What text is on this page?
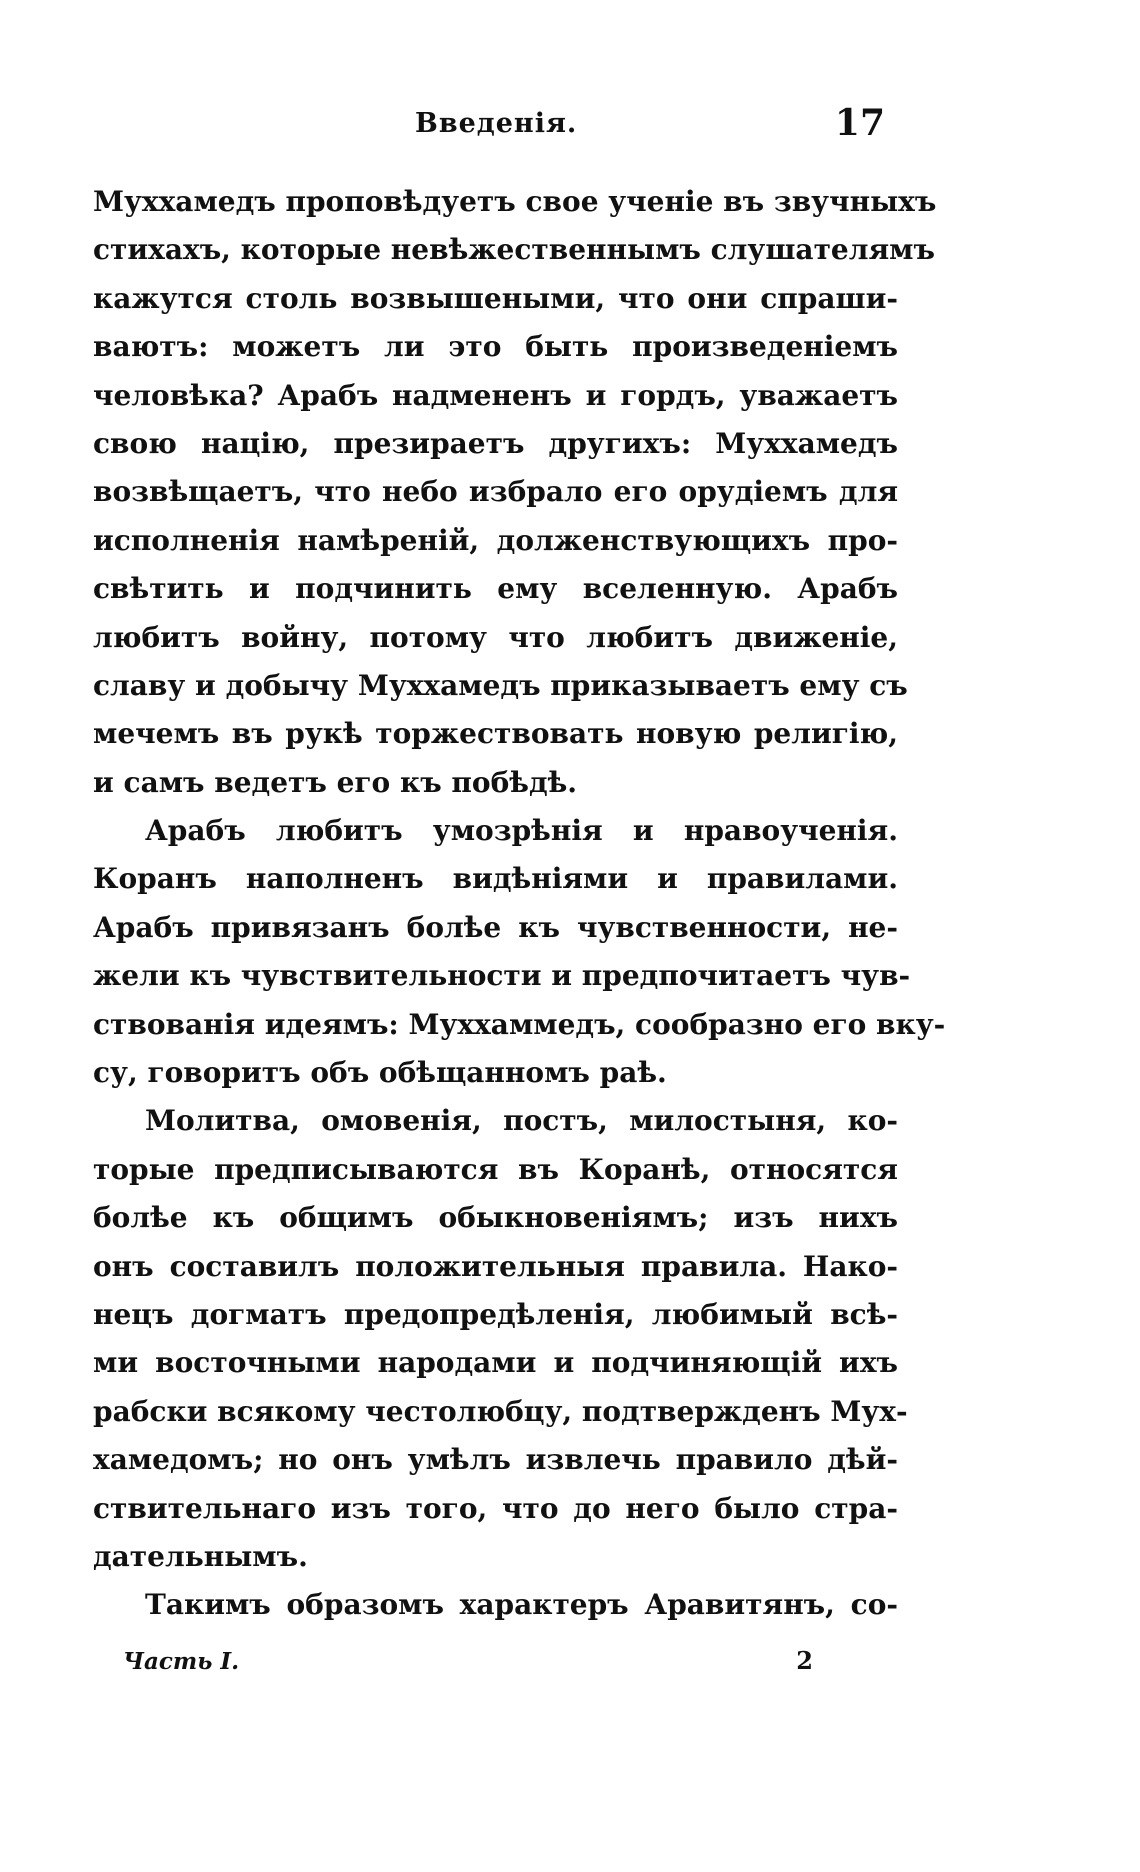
Введенiя.	17
Муххамедъ проповѣдуетъ свое ученiе въ звучныхъ
стихахъ, которые невѣжественнымъ слушателямъ
кажутся столь возвышеными, что они спраши-
ваютъ: можетъ ли это быть произведенiемъ
человѣка? Арабъ надмененъ и гордъ, уважаетъ
свою нацiю, презираетъ другихъ: Муххамедъ
возвѣщаетъ, что небо избрало его орудiемъ для
исполненiя намѣренiй, долженствующихъ про-
свѣтить и подчинить ему вселенную. Арабъ
любитъ войну, потому что любитъ движенiе,
славу и добычу Муххамедъ приказываетъ ему съ
мечемъ въ рукѣ торжествовать новую религiю,
и самъ ведетъ его къ побѣдѣ.
Арабъ любитъ умозрѣнiя и нравоученiя.
Коранъ наполненъ видѣнiями и правилами.
Арабъ привязанъ болѣе къ чувственности, не-
жели къ чувствительности и предпочитаетъ чув-
ствованiя идеямъ: Муххаммедъ, сообразно его вку-
су, говоритъ объ обѣщанномъ раѣ.
Молитва, омовенiя, постъ, милостыня, ко-
торые предписываются въ Коранѣ, относятся
болѣе къ общимъ обыкновенiямъ; изъ нихъ
онъ составилъ положительныя правила. Нако-
нецъ догматъ предопредѣленiя, любимый всѣ-
ми восточными народами и подчиняющiй ихъ
рабски всякому честолюбцу, подтвержденъ Мух-
хамедомъ; но онъ умѣлъ извлечь правило дѣй-
ствительнаго изъ того, что до него было стра-
дательнымъ.
Такимъ образомъ характеръ Аравитянъ, со-
Часть I.	2
